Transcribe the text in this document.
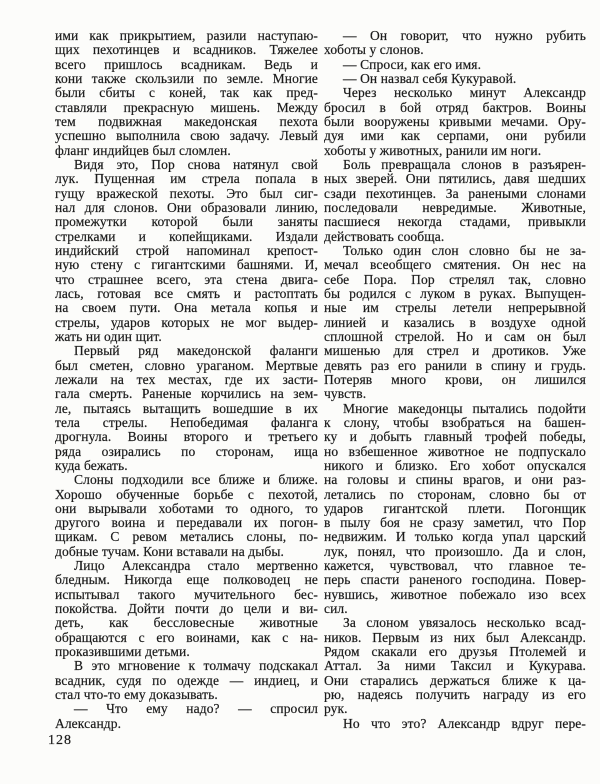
ими как прикрытием, разили наступаю-
щих пехотинцев и всадников. Тяжелее
всего пришлось всадникам. Ведь и
кони также скользили по земле. Многие
были сбиты с коней, так как пред-
ставляли прекрасную мишень. Между
тем подвижная македонская пехота
успешно выполнила свою задачу. Левый
фланг индийцев был сломлен.
Видя это, Пор снова натянул свой
лук. Пущенная им стрела попала в
гущу вражеской пехоты. Это был сиг-
нал для слонов. Они образовали линию,
промежутки которой были заняты
стрелками и копейщиками. Издали
индийский строй напоминал крепост-
ную стену с гигантскими башнями. И,
что страшнее всего, эта стена двига-
лась, готовая все смять и растоптать
на своем пути. Она метала копья и
стрелы, ударов которых не мог выдер-
жать ни один щит.
Первый ряд македонской фаланги
был сметен, словно ураганом. Мертвые
лежали на тех местах, где их засти-
гала смерть. Раненые корчились на зем-
ле, пытаясь вытащить вошедшие в их
тела стрелы. Непобедимая фаланга
дрогнула. Воины второго и третьего
ряда озирались по сторонам, ища
куда бежать.
Слоны подходили все ближе и ближе.
Хорошо обученные борьбе с пехотой,
они вырывали хоботами то одного, то
другого воина и передавали их погон-
щикам. С ревом метались слоны, по-
добные тучам. Кони вставали на дыбы.
Лицо Александра стало мертвенно
бледным. Никогда еще полководец не
испытывал такого мучительного бес-
покойства. Дойти почти до цели и ви-
деть, как бессловесные животные
обращаются с его воинами, как с на-
проказившими детьми.
В это мгновение к толмачу подскакал
всадник, судя по одежде — индиец, и
стал что-то ему доказывать.
— Что ему надо? — спросил
Александр.
— Он говорит, что нужно рубить
хоботы у слонов.
— Спроси, как его имя.
— Он назвал себя Кукуравой.
Через несколько минут Александр
бросил в бой отряд бактров. Воины
были вооружены кривыми мечами. Ору-
дуя ими как серпами, они рубили
хоботы у животных, ранили им ноги.
Боль превращала слонов в разъярен-
ных зверей. Они пятились, давя шедших
сзади пехотинцев. За ранеными слонами
последовали невредимые. Животные,
пасшиеся некогда стадами, привыкли
действовать сообща.
Только один слон словно бы не за-
мечал всеобщего смятения. Он нес на
себе Пора. Пор стрелял так, словно
бы родился с луком в руках. Выпущен-
ные им стрелы летели непрерывной
линией и казались в воздухе одной
сплошной стрелой. Но и сам он был
мишенью для стрел и дротиков. Уже
девять раз его ранили в спину и грудь.
Потеряв много крови, он лишился
чувств.
Многие македонцы пытались подойти
к слону, чтобы взобраться на башен-
ку и добыть главный трофей победы,
но взбешенное животное не подпускало
никого и близко. Его хобот опускался
на головы и спины врагов, и они раз-
летались по сторонам, словно бы от
ударов гигантской плети. Погонщик
в пылу боя не сразу заметил, что Пор
недвижим. И только когда упал царский
лук, понял, что произошло. Да и слон,
кажется, чувствовал, что главное те-
перь спасти раненого господина. Повер-
нувшись, животное побежало изо всех
сил.
За слоном увязалось несколько всад-
ников. Первым из них был Александр.
Рядом скакали его друзья Птолемей и
Аттал. За ними Таксил и Кукурава.
Они старались держаться ближе к ца-
рю, надеясь получить награду из его
рук.
Но что это? Александр вдруг пере-
128
